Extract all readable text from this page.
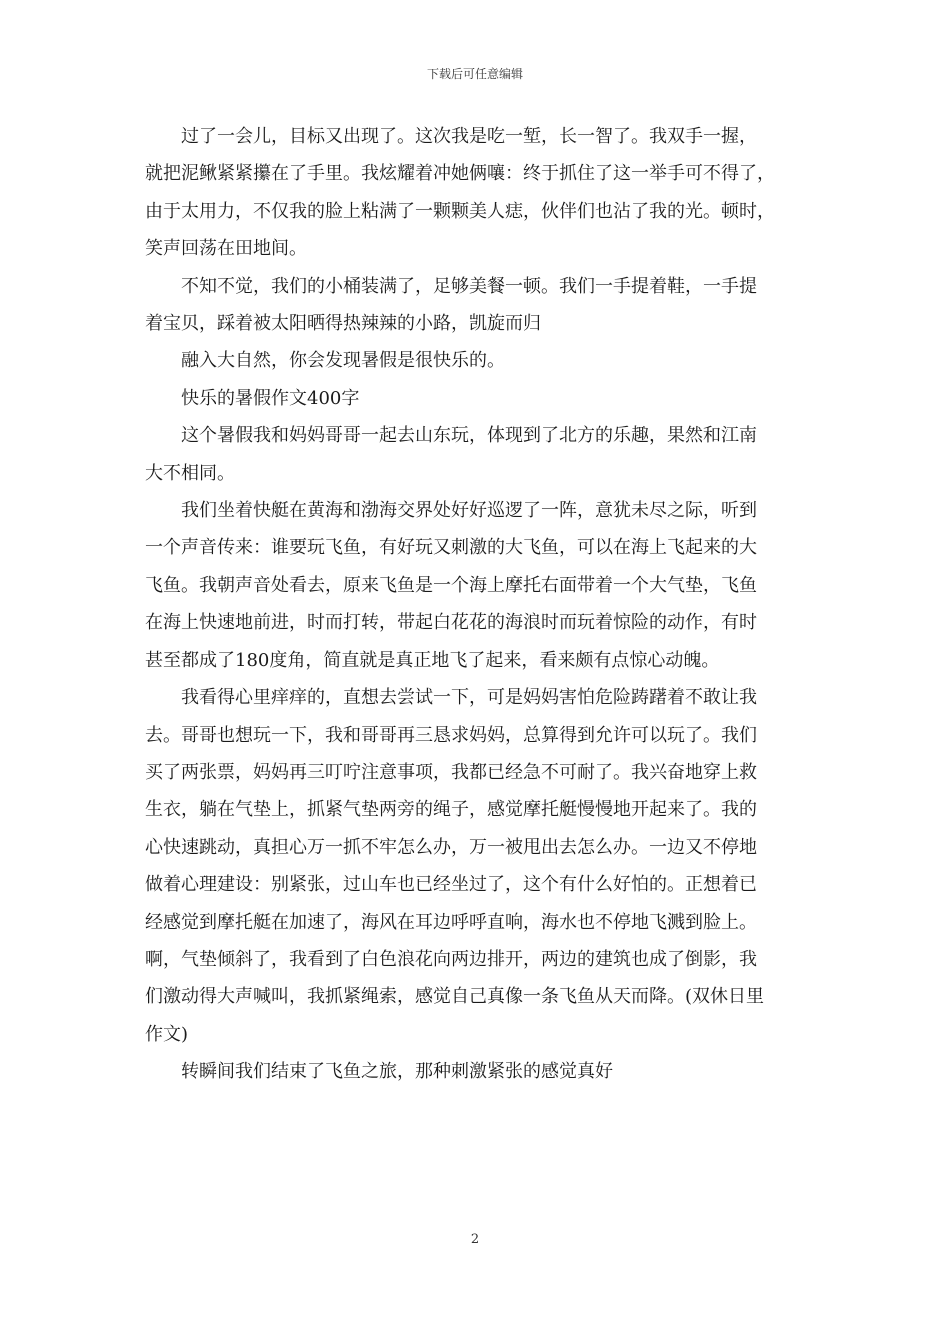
下载后可任意编辑

过了一会儿，目标又出现了。这次我是吃一堑，长一智了。我双手一握，
就把泥鳅紧紧攥在了手里。我炫耀着冲她俩嚷：终于抓住了这一举手可不得了，
由于太用力，不仅我的脸上粘满了一颗颗美人痣，伙伴们也沾了我的光。顿时，
笑声回荡在田地间。

不知不觉，我们的小桶装满了，足够美餐一顿。我们一手提着鞋，一手提
着宝贝，踩着被太阳晒得热辣辣的小路，凯旋而归

融入大自然，你会发现暑假是很快乐的。

快乐的暑假作文400字

这个暑假我和妈妈哥哥一起去山东玩，体现到了北方的乐趣，果然和江南
大不相同。

我们坐着快艇在黄海和渤海交界处好好巡逻了一阵，意犹未尽之际，听到
一个声音传来：谁要玩飞鱼，有好玩又刺激的大飞鱼，可以在海上飞起来的大
飞鱼。我朝声音处看去，原来飞鱼是一个海上摩托右面带着一个大气垫，飞鱼
在海上快速地前进，时而打转，带起白花花的海浪时而玩着惊险的动作，有时
甚至都成了180度角，简直就是真正地飞了起来，看来颇有点惊心动魄。

我看得心里痒痒的，直想去尝试一下，可是妈妈害怕危险踌躇着不敢让我
去。哥哥也想玩一下，我和哥哥再三恳求妈妈，总算得到允许可以玩了。我们
买了两张票，妈妈再三叮咛注意事项，我都已经急不可耐了。我兴奋地穿上救
生衣，躺在气垫上，抓紧气垫两旁的绳子，感觉摩托艇慢慢地开起来了。我的
心快速跳动，真担心万一抓不牢怎么办，万一被甩出去怎么办。一边又不停地
做着心理建设：别紧张，过山车也已经坐过了，这个有什么好怕的。正想着已
经感觉到摩托艇在加速了，海风在耳边呼呼直响，海水也不停地飞溅到脸上。
啊，气垫倾斜了，我看到了白色浪花向两边排开，两边的建筑也成了倒影，我
们激动得大声喊叫，我抓紧绳索，感觉自己真像一条飞鱼从天而降。(双休日里
作文)

转瞬间我们结束了飞鱼之旅，那种刺激紧张的感觉真好

2
